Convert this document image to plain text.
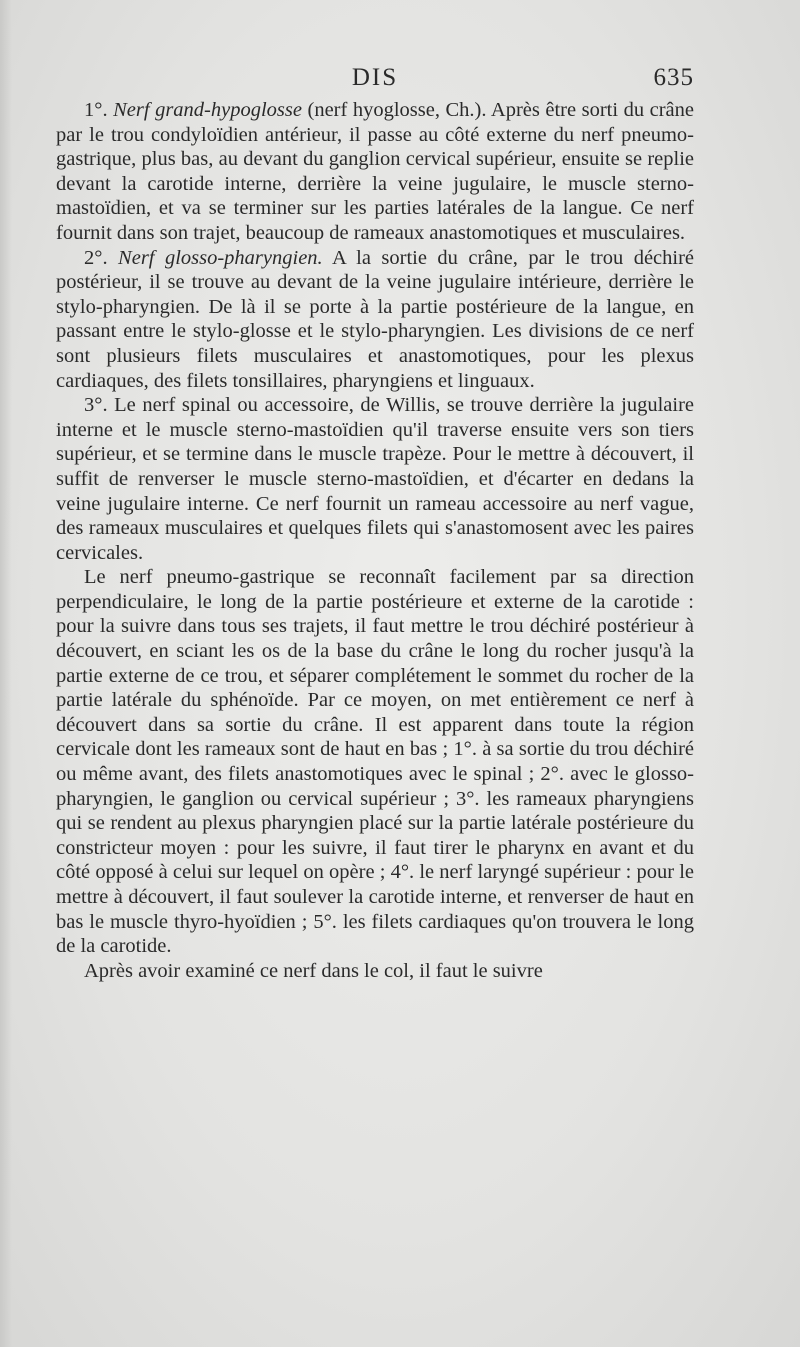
DIS	635

1°. Nerf grand-hypoglosse (nerf hyoglosse, Ch.). Après être sorti du crâne par le trou condyloïdien antérieur, il passe au côté externe du nerf pneumo-gastrique, plus bas, au devant du ganglion cervical supérieur, ensuite se replie devant la carotide interne, derrière la veine jugulaire, le muscle sterno-mastoïdien, et va se terminer sur les parties latérales de la langue. Ce nerf fournit dans son trajet, beaucoup de rameaux anastomotiques et musculaires.

2°. Nerf glosso-pharyngien. A la sortie du crâne, par le trou déchiré postérieur, il se trouve au devant de la veine jugulaire intérieure, derrière le stylo-pharyngien. De là il se porte à la partie postérieure de la langue, en passant entre le stylo-glosse et le stylo-pharyngien. Les divisions de ce nerf sont plusieurs filets musculaires et anastomotiques, pour les plexus cardiaques, des filets tonsillaires, pharyngiens et linguaux.

3°. Le nerf spinal ou accessoire, de Willis, se trouve derrière la jugulaire interne et le muscle sterno-mastoïdien qu'il traverse ensuite vers son tiers supérieur, et se termine dans le muscle trapèze. Pour le mettre à découvert, il suffit de renverser le muscle sterno-mastoïdien, et d'écarter en dedans la veine jugulaire interne. Ce nerf fournit un rameau accessoire au nerf vague, des rameaux musculaires et quelques filets qui s'anastomosent avec les paires cervicales.

Le nerf pneumo-gastrique se reconnaît facilement par sa direction perpendiculaire, le long de la partie postérieure et externe de la carotide : pour la suivre dans tous ses trajets, il faut mettre le trou déchiré postérieur à découvert, en sciant les os de la base du crâne le long du rocher jusqu'à la partie externe de ce trou, et séparer complétement le sommet du rocher de la partie latérale du sphénoïde. Par ce moyen, on met entièrement ce nerf à découvert dans sa sortie du crâne. Il est apparent dans toute la région cervicale dont les rameaux sont de haut en bas ; 1°. à sa sortie du trou déchiré ou même avant, des filets anastomotiques avec le spinal ; 2°. avec le glosso-pharyngien, le ganglion ou cervical supérieur ; 3°. les rameaux pharyngiens qui se rendent au plexus pharyngien placé sur la partie latérale postérieure du constricteur moyen : pour les suivre, il faut tirer le pharynx en avant et du côté opposé à celui sur lequel on opère ; 4°. le nerf laryngé supérieur : pour le mettre à découvert, il faut soulever la carotide interne, et renverser de haut en bas le muscle thyro-hyoïdien ; 5°. les filets cardiaques qu'on trouvera le long de la carotide.

Après avoir examiné ce nerf dans le col, il faut le suivre
